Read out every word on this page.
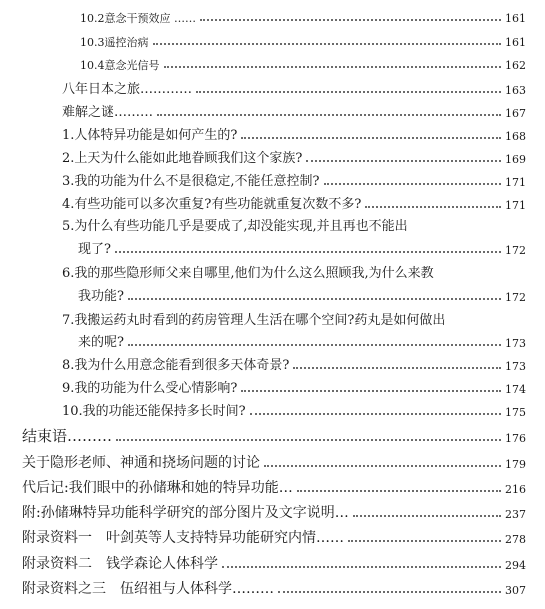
10.2意念干预效应 ……	161
10.3遥控治病	161
10.4意念光信号	162
八年日本之旅…………	163
难解之谜………	167
1.人体特异功能是如何产生的?	168
2.上天为什么能如此地眷顾我们这个家族?	169
3.我的功能为什么不是很稳定,不能任意控制?	171
4.有些功能可以多次重复?有些功能就重复次数不多?	171
5.为什么有些功能几乎是要成了,却没能实现,并且再也不能出
现了?	172
6.我的那些隐形师父来自哪里,他们为什么这么照顾我,为什么来教
我功能?	172
7.我搬运药丸时看到的药房管理人生活在哪个空间?药丸是如何做出
来的呢?	173
8.我为什么用意念能看到很多天体奇景?	173
9.我的功能为什么受心情影响?	174
10.我的功能还能保持多长时间?	175
结束语………	176
关于隐形老师、神通和挠场问题的讨论	179
代后记:我们眼中的孙储琳和她的特异功能…	216
附:孙储琳特异功能科学研究的部分图片及文字说明…	237
附录资料一　叶剑英等人支持特异功能研究内情……	278
附录资料二　钱学森论人体科学	294
附录资料之三　伍绍祖与人体科学………	307
